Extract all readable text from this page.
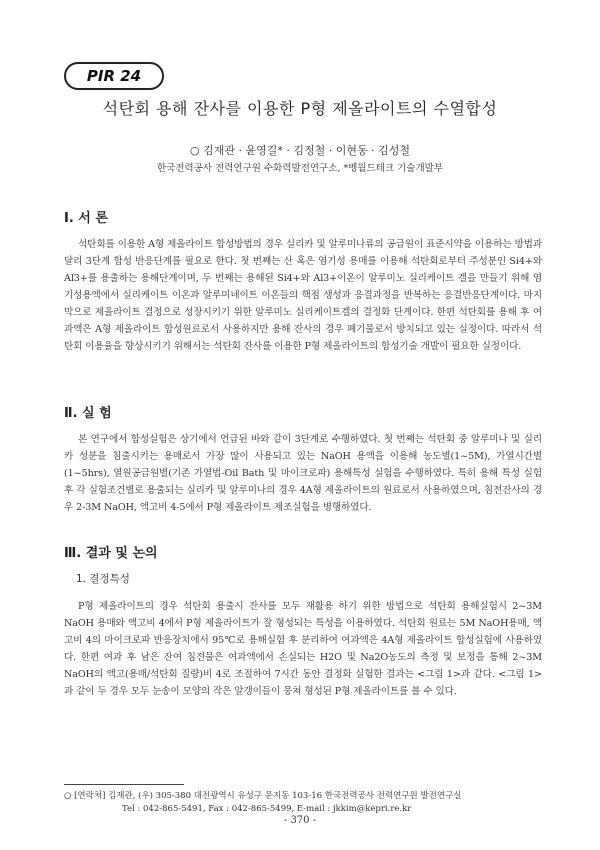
PIR 24
석탄회 용해 잔사를 이용한 P형 제올라이트의 수열합성
○ 김재관 · 윤영길* · 김정철 · 이현동 · 김성철
한국전력공사 전력연구원 수화력발전연구소, *벵월드테크 기술개발부
Ⅰ. 서 론
석탄회를 이용한 A형 제올라이트 합성방법의 경우 실리카 및 알루미나류의 공급원이 표준시약을 이용하는 방법과 달리 3단계 합성 반응단계를 필요로 한다. 첫 번째는 산 혹은 염기성 용매를 이용해 석탄회로부터 주성분인 Si4+와 Al3+를 용출하는 용해단계이며, 두 번째는 용해된 Si4+와 Al3+이온이 알루미노 실리케이트 겔을 만들기 위해 염기성용액에서 실리케이트 이온과 알루미네이트 이온들의 핵점 생성과 응결과정을 반복하는 응결반응단계이다. 마지막으로 제올라이트 결정으로 성장시키기 위한 알루미노 실리케이트겔의 결정화 단계이다. 한편 석탄회를 용해 후 여과액은 A형 제올라이트 합성원료로서 사용하지만 용해 잔사의 경우 폐기물로서 방치되고 있는 실정이다. 따라서 석탄회 이용율을 향상시키기 위해서는 석탄회 잔사를 이용한 P형 제올라이트의 합성기술 개발이 필요한 실정이다.
Ⅱ. 실 험
본 연구에서 합성실험은 상기에서 언급된 바와 같이 3단계로 수행하였다. 첫 번째는 석탄회 중 알루미나 및 실리카 성분을 침출시키는 용매로서 가장 많이 사용되고 있는 NaOH 용액을 이용해 농도별(1~5M), 가열시간별(1~5hrs), 열원공급원별(기존 가열법-Oil Bath 및 마이크로파) 용해특성 실험을 수행하였다. 특히 용해 특성 실험 후 각 실험조건별로 용출되는 실리카 및 알루미나의 경우 4A형 제올라이트의 원료로서 사용하였으며, 침전잔사의 경우 2-3M NaOH, 액고비 4-5에서 P형 제올라이트 제조실험을 병행하였다.
Ⅲ. 결과 및 논의
1. 결정특성
P형 제올라이트의 경우 석탄회 용출시 잔사를 모두 재활용 하기 위한 방법으로 석탄회 용해실험시 2~3M NaOH 용매와 액고비 4에서 P형 제올라이트가 잘 형성되는 특성을 이용하였다. 석탄회 원료는 5M NaOH용매, 액고비 4의 마이크로파 반응장치에서 95℃로 용해실험 후 분리하여 여과액은 4A형 제올라이트 합성실험에 사용하였다. 한편 여과 후 남은 잔여 침전물은 여과액에서 손실되는 H2O 및 Na2O농도의 측정 및 보정을 통해 2~3M NaOH의 액고(용매/석탄회 질량)비 4로 조절하여 7시간 동안 결정화 실험한 결과는 <그림 1>과 같다. <그림 1>과 같이 두 경우 모두 눈송이 모양의 작은 알갱이들이 뭉쳐 형성된 P형 제올라이트를 볼 수 있다.
○ [연락처] 김재관, (우) 305-380 대전광역시 유성구 문지동 103-16 한국전력공사 전력연구원 발전연구실
Tel : 042-865-5491, Fax : 042-865-5499, E-mail : jkkim@kepri.re.kr
- 370 -
